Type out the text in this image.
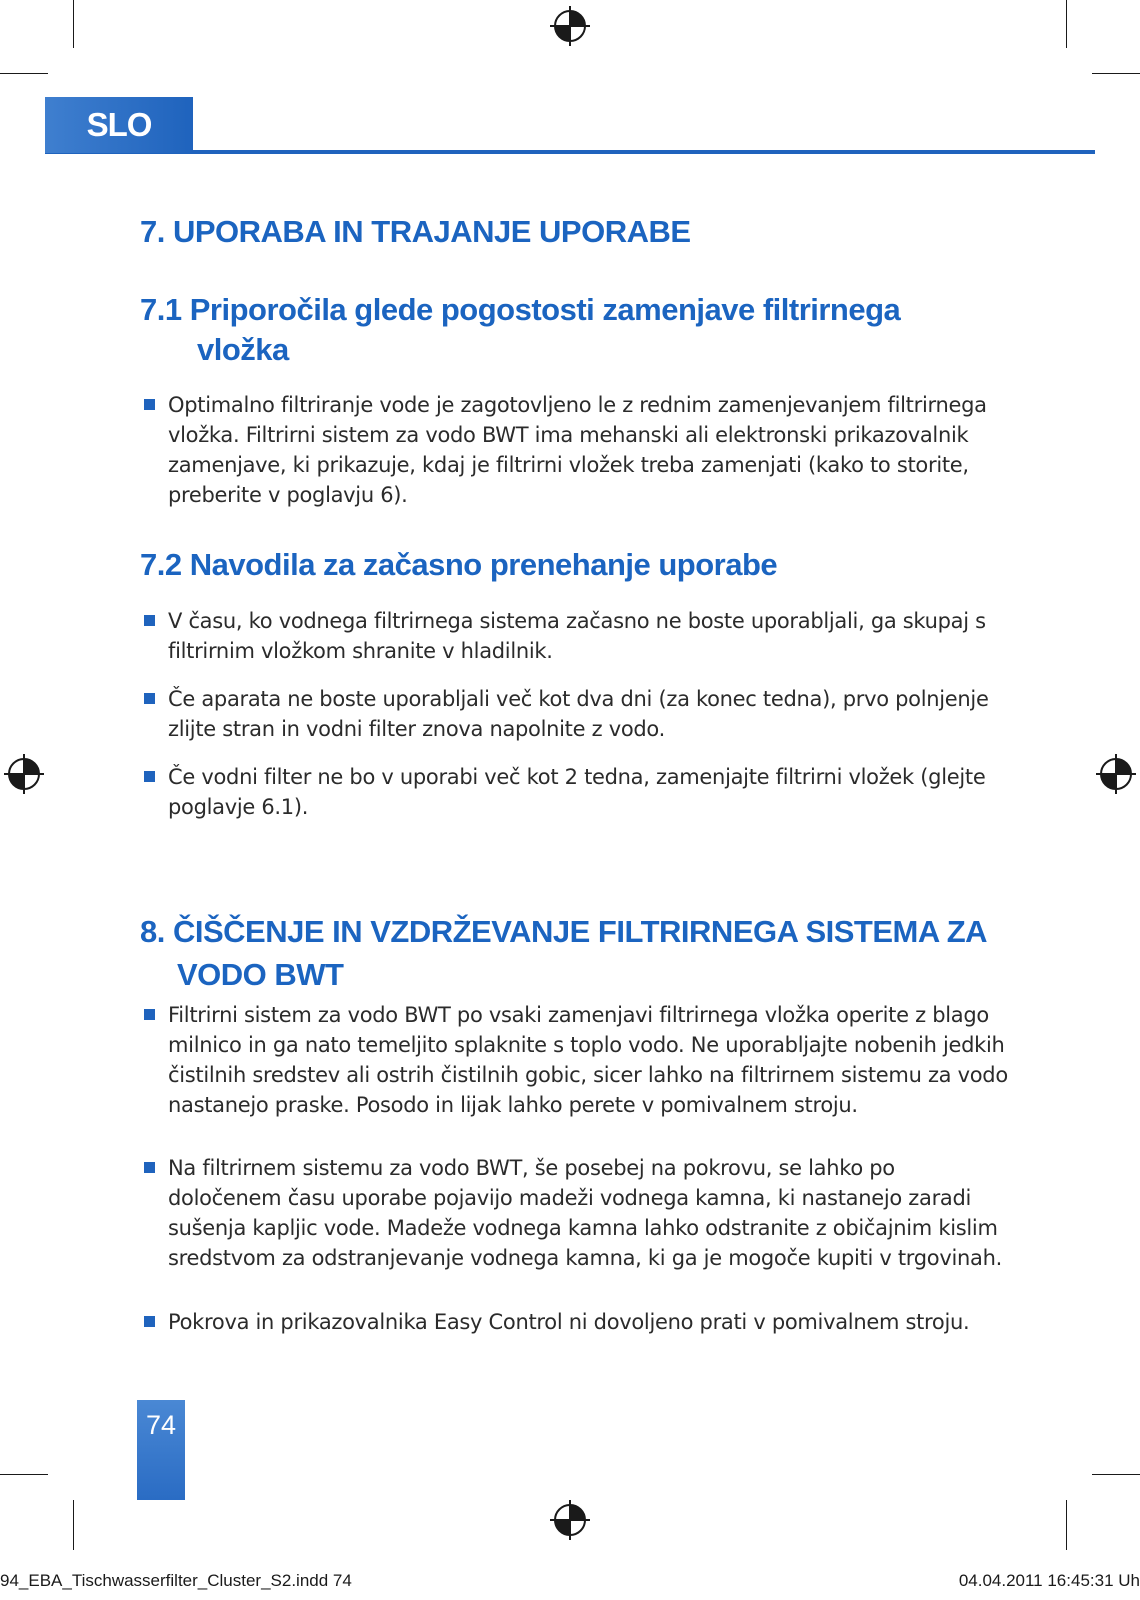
SLO
7. UPORABA IN TRAJANJE UPORABE
7.1 Priporočila glede pogostosti zamenjave filtrirnega
vložka
Optimalno filtriranje vode je zagotovljeno le z rednim zamenjevanjem filtrirnega vložka. Filtrirni sistem za vodo BWT ima mehanski ali elektronski prikazovalnik zamenjave, ki prikazuje, kdaj je filtrirni vložek treba zamenjati (kako to storite, preberite v poglavju 6).
7.2 Navodila za začasno prenehanje uporabe
V času, ko vodnega filtrirnega sistema začasno ne boste uporabljali, ga skupaj s filtrirnim vložkom shranite v hladilnik.
Če aparata ne boste uporabljali več kot dva dni (za konec tedna), prvo polnjenje zlijte stran in vodni filter znova napolnite z vodo.
Če vodni filter ne bo v uporabi več kot 2 tedna, zamenjajte filtrirni vložek (glejte poglavje 6.1).
8. ČIŠČENJE IN VZDRŽEVANJE FILTRIRNEGA SISTEMA ZA
VODO BWT
Filtrirni sistem za vodo BWT po vsaki zamenjavi filtrirnega vložka operite z blago milnico in ga nato temeljito splaknite s toplo vodo. Ne uporabljajte nobenih jedkih čistilnih sredstev ali ostrih čistilnih gobic, sicer lahko na filtrirnem sistemu za vodo nastanejo praske. Posodo in lijak lahko perete v pomivalnem stroju.
Na filtrirnem sistemu za vodo BWT, še posebej na pokrovu, se lahko po določenem času uporabe pojavijo madeži vodnega kamna, ki nastanejo zaradi sušenja kapljic vode. Madeže vodnega kamna lahko odstranite z običajnim kislim sredstvom za odstranjevanje vodnega kamna, ki ga je mogoče kupiti v trgovinah.
Pokrova in prikazovalnika Easy Control ni dovoljeno prati v pomivalnem stroju.
74
94_EBA_Tischwasserfilter_Cluster_S2.indd 74	04.04.2011 16:45:31 Uh
